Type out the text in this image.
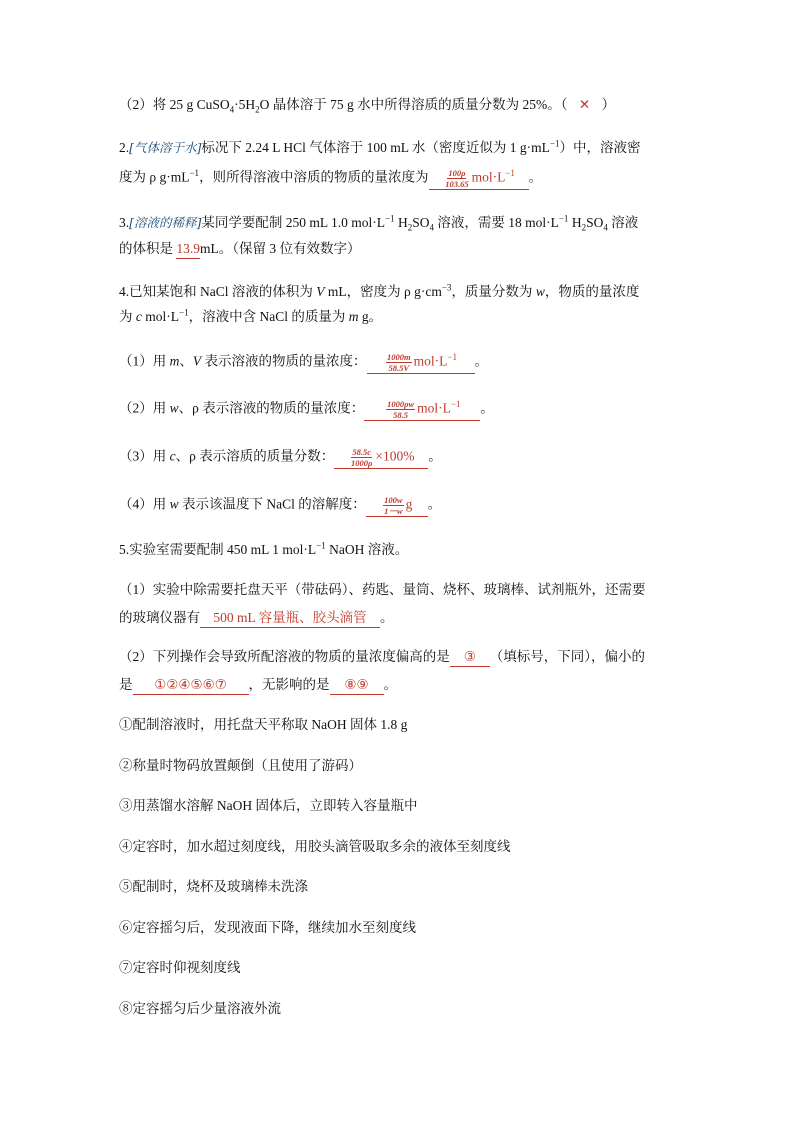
（2）将 25 g $CuSO_4\cdot 5H_2O$ 晶体溶于 75 g 水中所得溶质的质量分数为 25%。（ ✕ ）
2.[气体溶于水]标况下 2.24 L HCl 气体溶于 100 mL 水（密度近似为 1 $g\cdot mL^{-1}$）中，溶液密
度为 ρ $g\cdot mL^{-1}$，则所得溶液中溶质的物质的量浓度为 $\frac{100\rho}{103.65} mol\cdot L^{-1}$ 。
3.[溶液的稀释]某同学要配制 250 mL 1.0 $mol\cdot L^{-1}$ $H_2SO_4$ 溶液，需要 18 $mol\cdot L^{-1}$ $H_2SO_4$ 溶液
的体积是 13.9mL。（保留 3 位有效数字）
4.已知某饱和 NaCl 溶液的体积为 V mL，密度为 ρ $g\cdot cm^{-3}$，质量分数为 w，物质的量浓度
为 c $mol\cdot L^{-1}$，溶液中含 NaCl 的质量为 m g。
（1）用 m、V 表示溶液的物质的量浓度： $\frac{1000m}{58.5V} mol\cdot L^{-1}$ 。
（2）用 w、ρ 表示溶液的物质的量浓度：	$\frac{1000\rho w}{58.5} mol\cdot L^{-1}$ 。
（3）用 c、ρ 表示溶质的质量分数： $\frac{58.5c}{1000\rho} \times 100\%$ 。
（4）用 w 表示该温度下 NaCl 的溶解度： $\frac{100w}{1-w}$ g 。
5.实验室需要配制 450 mL 1 $mol\cdot L^{-1}$ NaOH 溶液。
（1）实验中除需要托盘天平（带砝码）、药匙、量筒、烧杯、玻璃棒、试剂瓶外，还需要
的玻璃仪器有 500 mL 容量瓶、胶头滴管 。
（2）下列操作会导致所配溶液的物质的量浓度偏高的是 ③ （填标号，下同），偏小的
是 ①②④⑤⑥⑦ ，无影响的是 ⑧⑨ 。
①配制溶液时，用托盘天平称取 NaOH 固体 1.8 g
②称量时物码放置颠倒（且使用了游码）
③用蒸馏水溶解 NaOH 固体后，立即转入容量瓶中
④定容时，加水超过刻度线，用胶头滴管吸取多余的液体至刻度线
⑤配制时，烧杯及玻璃棒未洗涤
⑥定容摇匀后，发现液面下降，继续加水至刻度线
⑦定容时仰视刻度线
⑧定容摇匀后少量溶液外流
